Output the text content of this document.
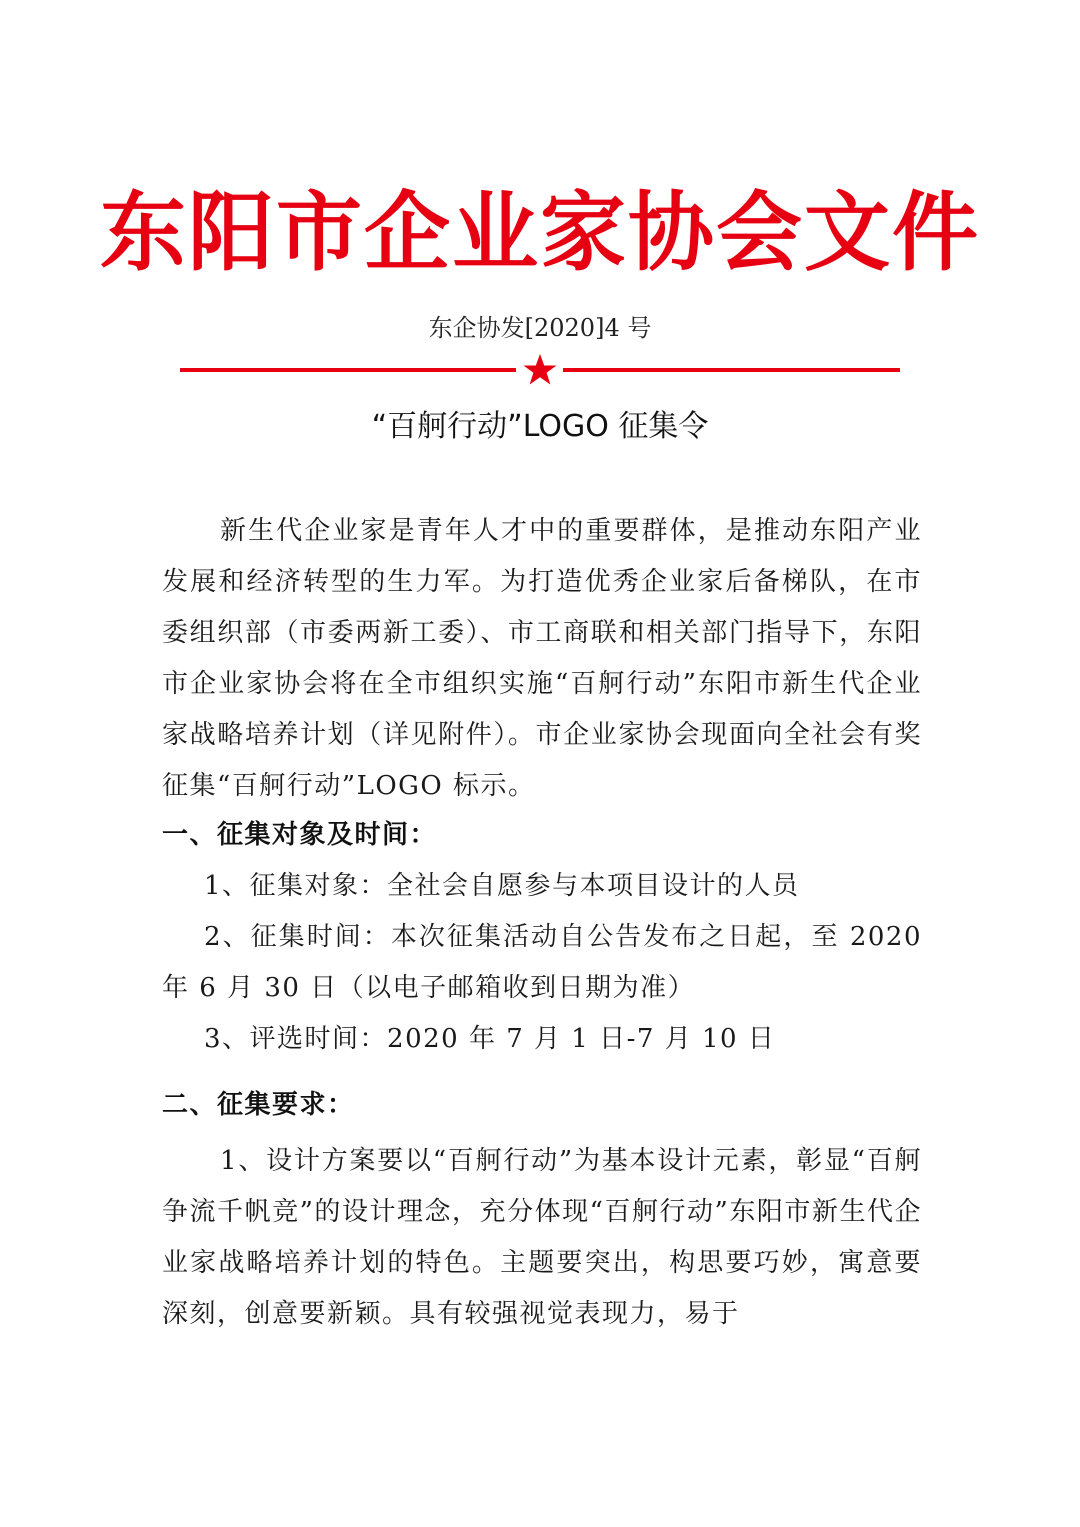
东阳市企业家协会文件
东企协发[2020]4 号
“百舸行动”LOGO 征集令

新生代企业家是青年人才中的重要群体，是推动东阳产业发展和经济转型的生力军。为打造优秀企业家后备梯队，在市委组织部（市委两新工委）、市工商联和相关部门指导下，东阳市企业家协会将在全市组织实施“百舸行动”东阳市新生代企业家战略培养计划（详见附件）。市企业家协会现面向全社会有奖征集“百舸行动”LOGO 标示。

一、征集对象及时间：

1、征集对象：全社会自愿参与本项目设计的人员

2、征集时间：本次征集活动自公告发布之日起，至 2020 年 6 月 30 日（以电子邮箱收到日期为准）

3、评选时间：2020 年 7 月 1 日-7 月 10 日

二、征集要求：

1、设计方案要以“百舸行动”为基本设计元素，彰显“百舸争流千帆竞”的设计理念，充分体现“百舸行动”东阳市新生代企业家战略培养计划的特色。主题要突出，构思要巧妙，寓意要深刻，创意要新颖。具有较强视觉表现力，易于
